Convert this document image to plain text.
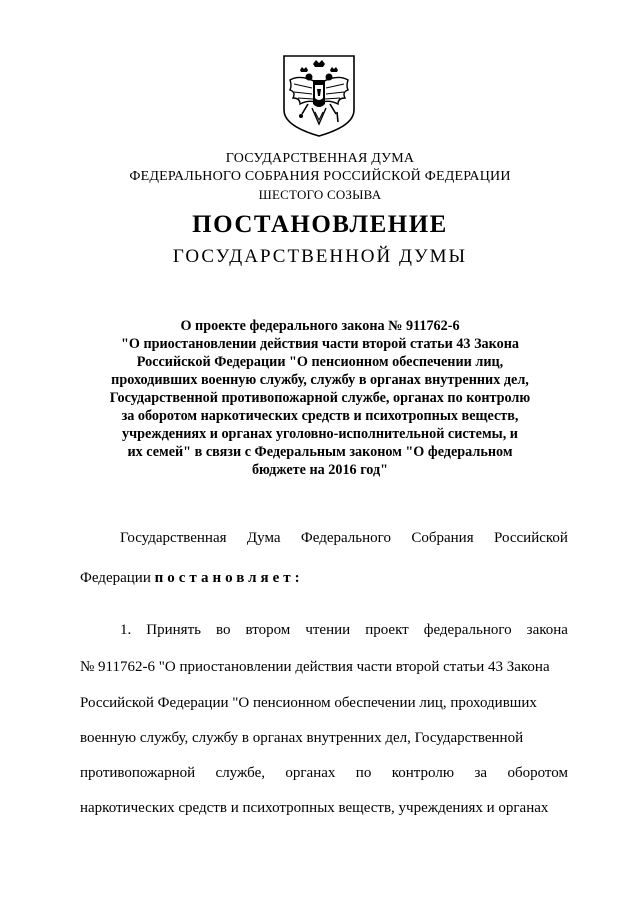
ГОСУДАРСТВЕННАЯ ДУМА
ФЕДЕРАЛЬНОГО СОБРАНИЯ РОССИЙСКОЙ ФЕДЕРАЦИИ
ШЕСТОГО СОЗЫВА
ПОСТАНОВЛЕНИЕ
ГОСУДАРСТВЕННОЙ ДУМЫ
О проекте федерального закона № 911762-6
"О приостановлении действия части второй статьи 43 Закона
Российской Федерации "О пенсионном обеспечении лиц,
проходивших военную службу, службу в органах внутренних дел,
Государственной противопожарной службе, органах по контролю
за оборотом наркотических средств и психотропных веществ,
учреждениях и органах уголовно-исполнительной системы, и
их семей" в связи с Федеральным законом "О федеральном
бюджете на 2016 год"
Государственная Дума Федерального Собрания Российской
Федерации постановляет:
1. Принять во втором чтении проект федерального закона
№ 911762-6 "О приостановлении действия части второй статьи 43 Закона
Российской Федерации "О пенсионном обеспечении лиц, проходивших
военную службу, службу в органах внутренних дел, Государственной
противопожарной службе, органах по контролю за оборотом
наркотических средств и психотропных веществ, учреждениях и органах
